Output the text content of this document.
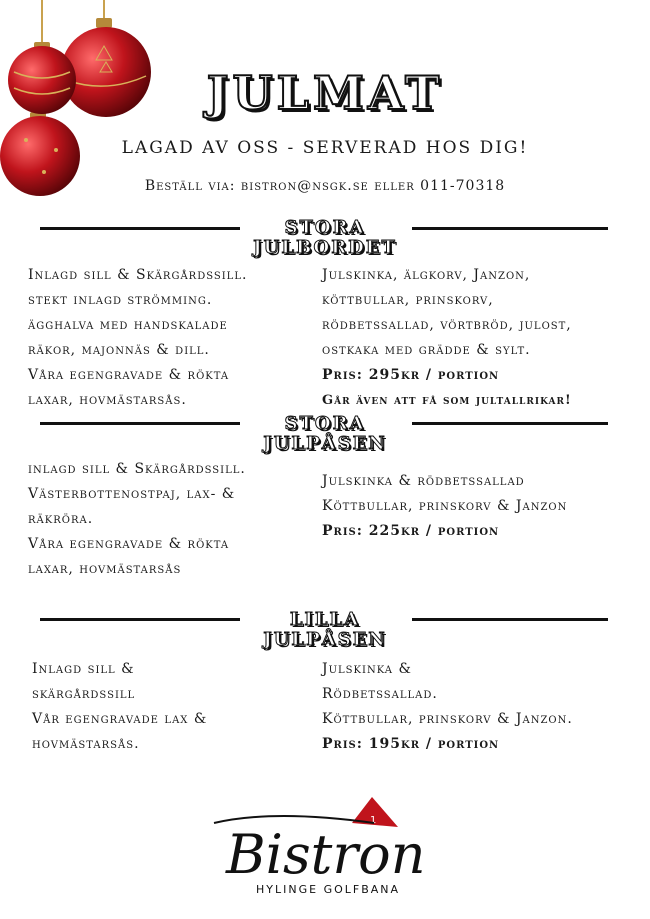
JULMAT
LAGAD AV OSS - SERVERAD HOS DIG!
Beställ via: bistron@nsgk.se eller 011-70318
STORA
JULBORDET
Inlagd sill & Skärgårdssill.
stekt inlagd strömming.
ägghalva med handskalade
räkor, majonnäs & dill.
Våra egengravade & rökta
laxar, hovmästarsås.
Julskinka, älgkorv, Janzon,
köttbullar, prinskorv,
rödbetssallad, vörtbröd, julost,
ostkaka med grädde & sylt.
Pris: 295kr / portion
Går även att få som jultallrikar!
STORA
JULPÅSEN
inlagd sill & Skärgårdssill.
Västerbottenostpaj, lax- &
räkröra.
Våra egengravade & rökta
laxar, hovmästarsås
Julskinka & rödbetssallad
Köttbullar, prinskorv & Janzon
Pris: 225kr / portion
LILLA
JULPÅSEN
Inlagd sill &
skärgårdssill
Vår egengravade lax &
hovmästarsås.
Julskinka &
Rödbetssallad.
Köttbullar, prinskorv & Janzon.
Pris: 195kr / portion
1
Bistron
HYLINGE GOLFBANA
